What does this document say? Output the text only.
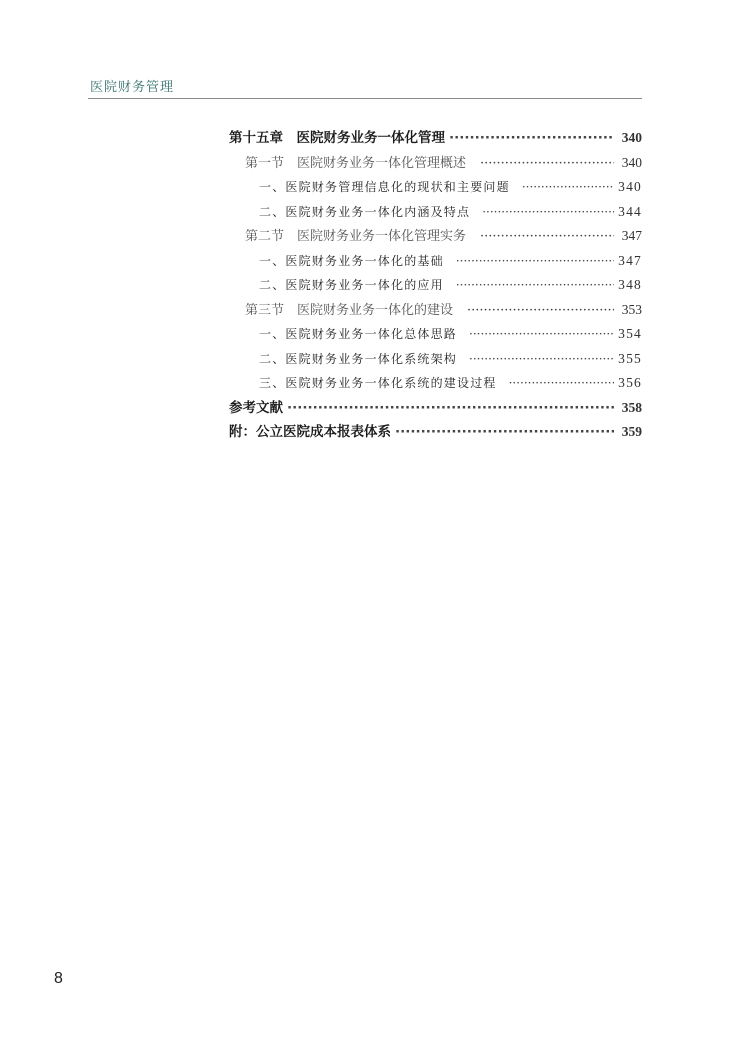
医院财务管理
第十五章　医院财务业务一体化管理 ·····	340
第一节　医院财务业务一体化管理概述 ·····	340
一、医院财务管理信息化的现状和主要问题 ·····	340
二、医院财务业务一体化内涵及特点 ·····	344
第二节　医院财务业务一体化管理实务 ·····	347
一、医院财务业务一体化的基础 ·····	347
二、医院财务业务一体化的应用 ·····	348
第三节　医院财务业务一体化的建设 ·····	353
一、医院财务业务一体化总体思路 ·····	354
二、医院财务业务一体化系统架构 ·····	355
三、医院财务业务一体化系统的建设过程 ·····	356
参考文献 ·····	358
附：公立医院成本报表体系 ·····	359
8
